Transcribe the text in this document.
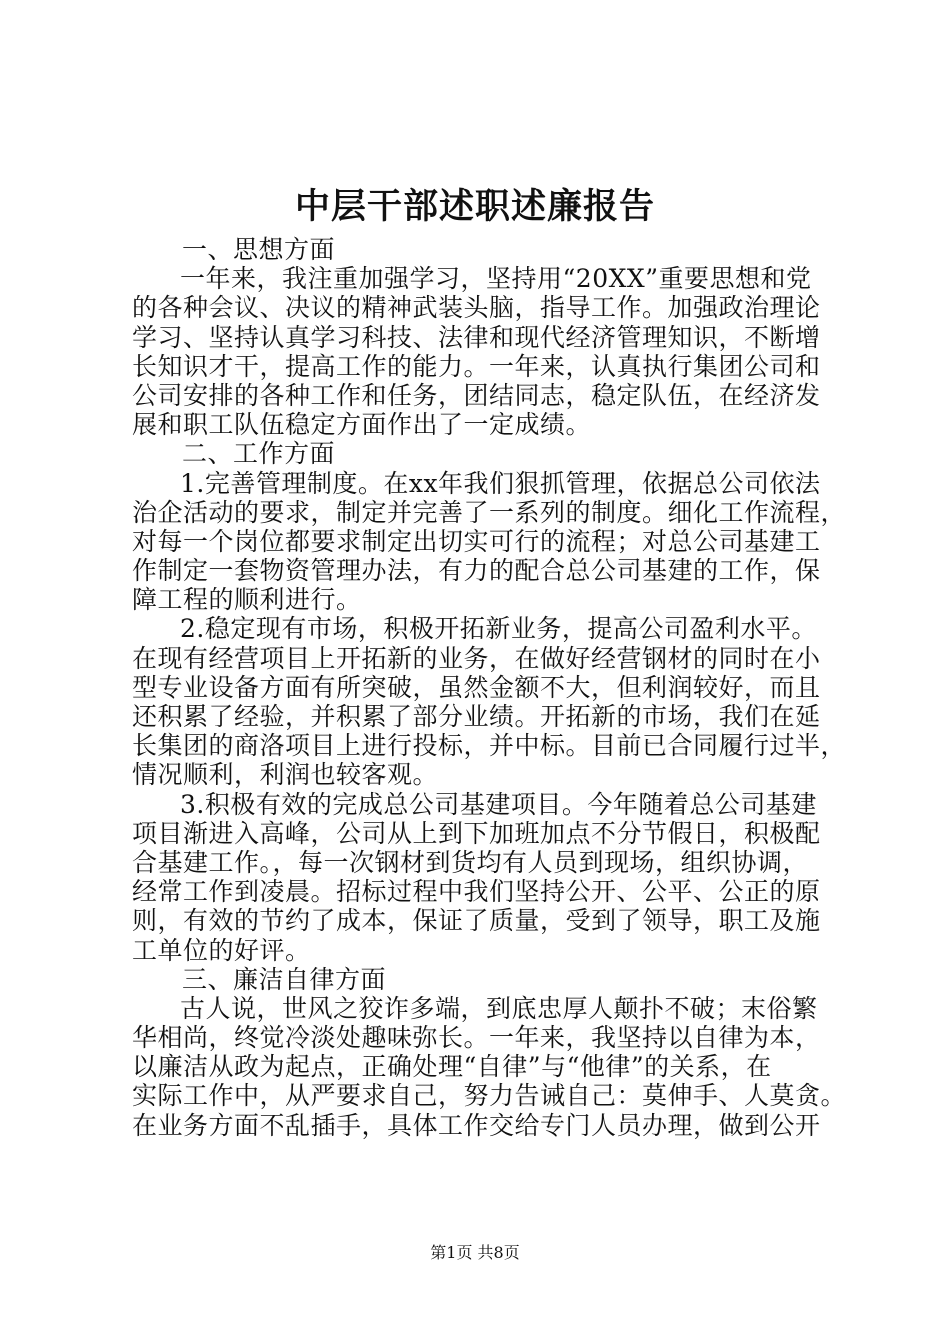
中层干部述职述廉报告
一、思想方面
一年来，我注重加强学习，坚持用“20XX”重要思想和党
的各种会议、决议的精神武装头脑，指导工作。加强政治理论
学习、坚持认真学习科技、法律和现代经济管理知识，不断增
长知识才干，提高工作的能力。一年来，认真执行集团公司和
公司安排的各种工作和任务，团结同志，稳定队伍，在经济发
展和职工队伍稳定方面作出了一定成绩。
二、工作方面
1.完善管理制度。在xx年我们狠抓管理，依据总公司依法
治企活动的要求，制定并完善了一系列的制度。细化工作流程，
对每一个岗位都要求制定出切实可行的流程；对总公司基建工
作制定一套物资管理办法，有力的配合总公司基建的工作，保
障工程的顺利进行。
2.稳定现有市场，积极开拓新业务，提高公司盈利水平。
在现有经营项目上开拓新的业务，在做好经营钢材的同时在小
型专业设备方面有所突破，虽然金额不大，但利润较好，而且
还积累了经验，并积累了部分业绩。开拓新的市场，我们在延
长集团的商洛项目上进行投标，并中标。目前已合同履行过半，
情况顺利，利润也较客观。
3.积极有效的完成总公司基建项目。今年随着总公司基建
项目渐进入高峰，公司从上到下加班加点不分节假日，积极配
合基建工作。，每一次钢材到货均有人员到现场，组织协调，
经常工作到凌晨。招标过程中我们坚持公开、公平、公正的原
则，有效的节约了成本，保证了质量，受到了领导，职工及施
工单位的好评。
三、廉洁自律方面
古人说，世风之狡诈多端，到底忠厚人颠扑不破；末俗繁
华相尚，终觉冷淡处趣味弥长。一年来，我坚持以自律为本，
以廉洁从政为起点，正确处理“自律”与“他律”的关系，在
实际工作中，从严要求自己，努力告诫自己：莫伸手、人莫贪。
在业务方面不乱插手，具体工作交给专门人员办理，做到公开
第1页 共8页
